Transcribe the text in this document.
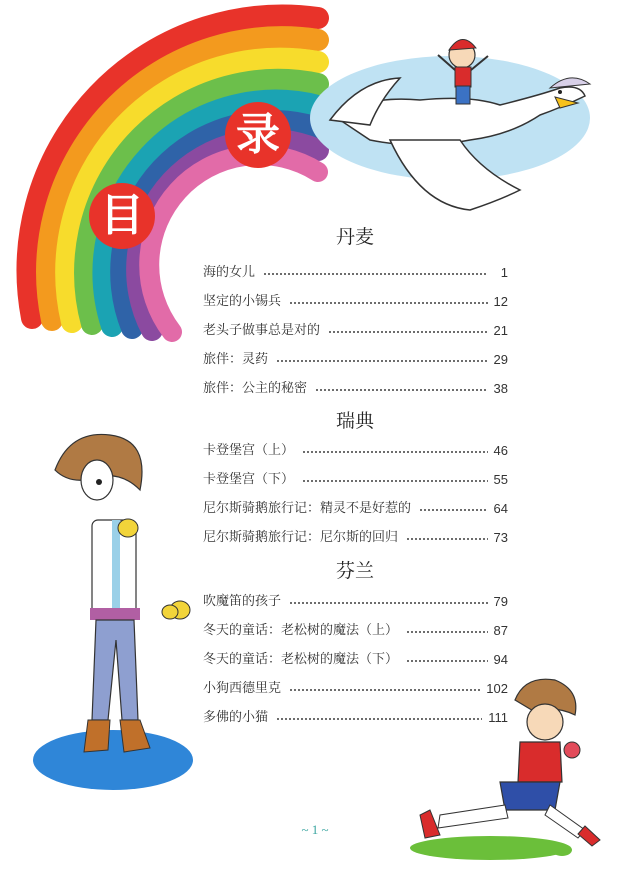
目
录
丹麦
海的女儿	1
坚定的小锡兵	12
老头子做事总是对的	21
旅伴：灵药	29
旅伴：公主的秘密	38
瑞典
卡登堡宫（上）	46
卡登堡宫（下）	55
尼尔斯骑鹅旅行记：精灵不是好惹的	64
尼尔斯骑鹅旅行记：尼尔斯的回归	73
芬兰
吹魔笛的孩子	79
冬天的童话：老松树的魔法（上）	87
冬天的童话：老松树的魔法（下）	94
小狗西德里克	102
多佛的小猫	111
~ 1 ~
